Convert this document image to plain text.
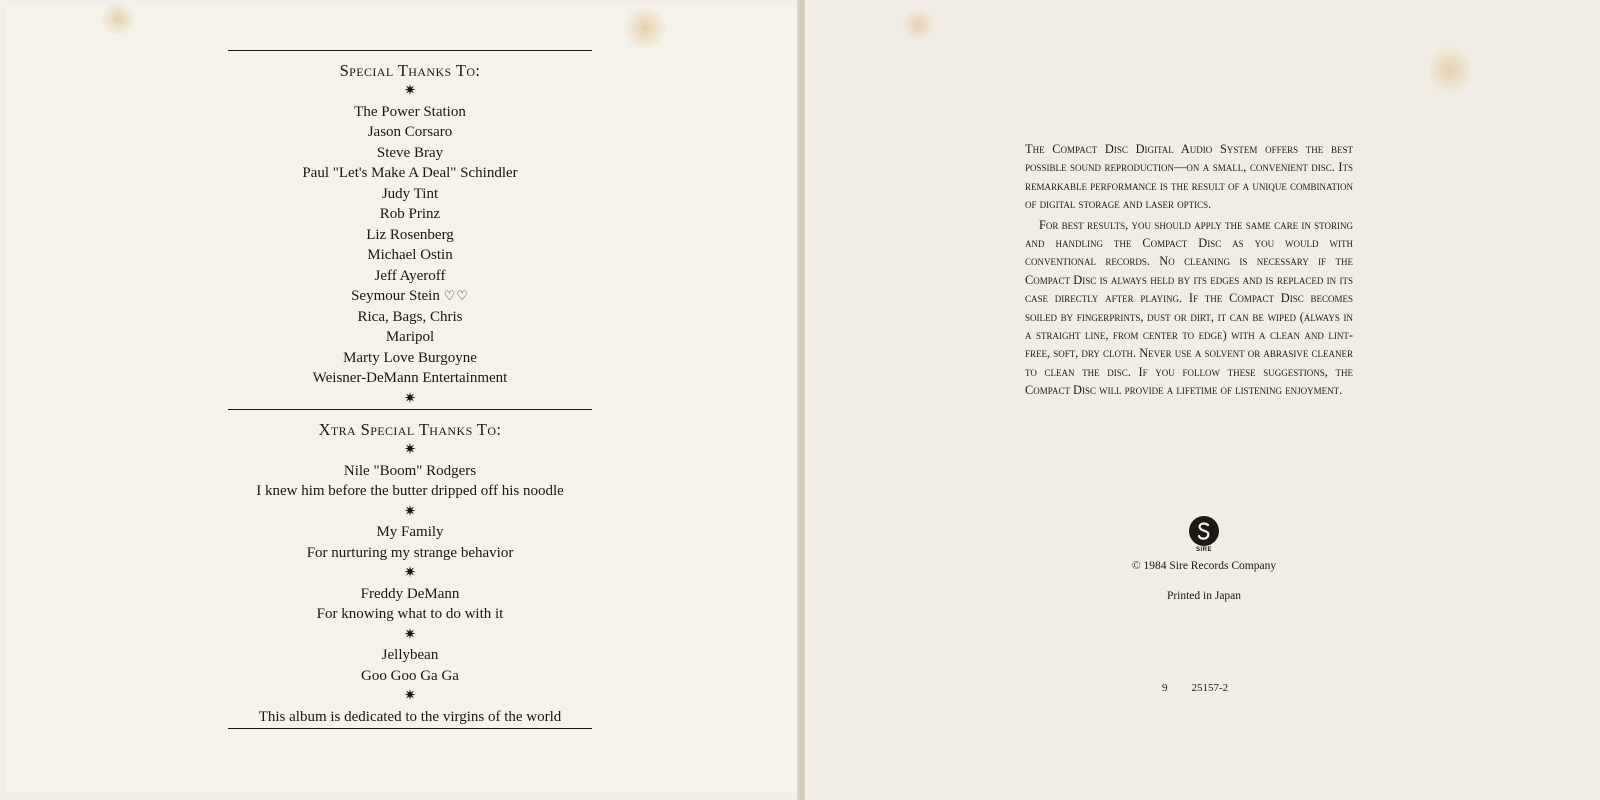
Special Thanks To:
✷
The Power Station
Jason Corsaro
Steve Bray
Paul "Let's Make A Deal" Schindler
Judy Tint
Rob Prinz
Liz Rosenberg
Michael Ostin
Jeff Ayeroff
Seymour Stein ♡♡
Rica, Bags, Chris
Maripol
Marty Love Burgoyne
Weisner-DeMann Entertainment
✷
Xtra Special Thanks To:
✷
Nile "Boom" Rodgers
I knew him before the butter dripped off his noodle
✷
My Family
For nurturing my strange behavior
✷
Freddy DeMann
For knowing what to do with it
✷
Jellybean
Goo Goo Ga Ga
✷
This album is dedicated to the virgins of the world

The Compact Disc Digital Audio System offers the best possible sound reproduction—on a small, convenient disc. Its remarkable performance is the result of a unique combination of digital storage and laser optics.

For best results, you should apply the same care in storing and handling the Compact Disc as you would with conventional records. No cleaning is necessary if the Compact Disc is always held by its edges and is replaced in its case directly after playing. If the Compact Disc becomes soiled by fingerprints, dust or dirt, it can be wiped (always in a straight line, from center to edge) with a clean and lint-free, soft, dry cloth. Never use a solvent or abrasive cleaner to clean the disc. If you follow these suggestions, the Compact Disc will provide a lifetime of listening enjoyment.

SIRE
© 1984 Sire Records Company
Printed in Japan
9 25157-2
